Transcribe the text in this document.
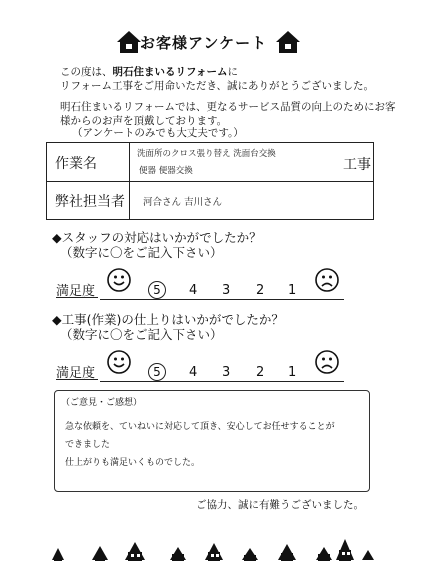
お客様アンケート
この度は、明石住まいるリフォームに
リフォーム工事をご用命いただき、誠にありがとうございました。
明石住まいるリフォームでは、更なるサービス品質の向上のためにお客
様からのお声を頂戴しております。
（アンケートのみでも大丈夫です。）
作業名
洗面所のクロス張り替え 洗面台交換
便器 便器交換	工事
弊社担当者 河合さん 吉川さん
◆スタッフの対応はいかがでしたか？
（数字に〇をご記入下さい）
満足度	5	4 3 2 1
◆工事(作業)の仕上りはいかがでしたか？
（数字に〇をご記入下さい）
満足度	5	4 3 2 1
（ご意見・ご感想）
急な依頼を、ていねいに対応して頂き、安心してお任せすることが
できました
仕上がりも満足いくものでした。
ご協力、誠に有難うございました。
